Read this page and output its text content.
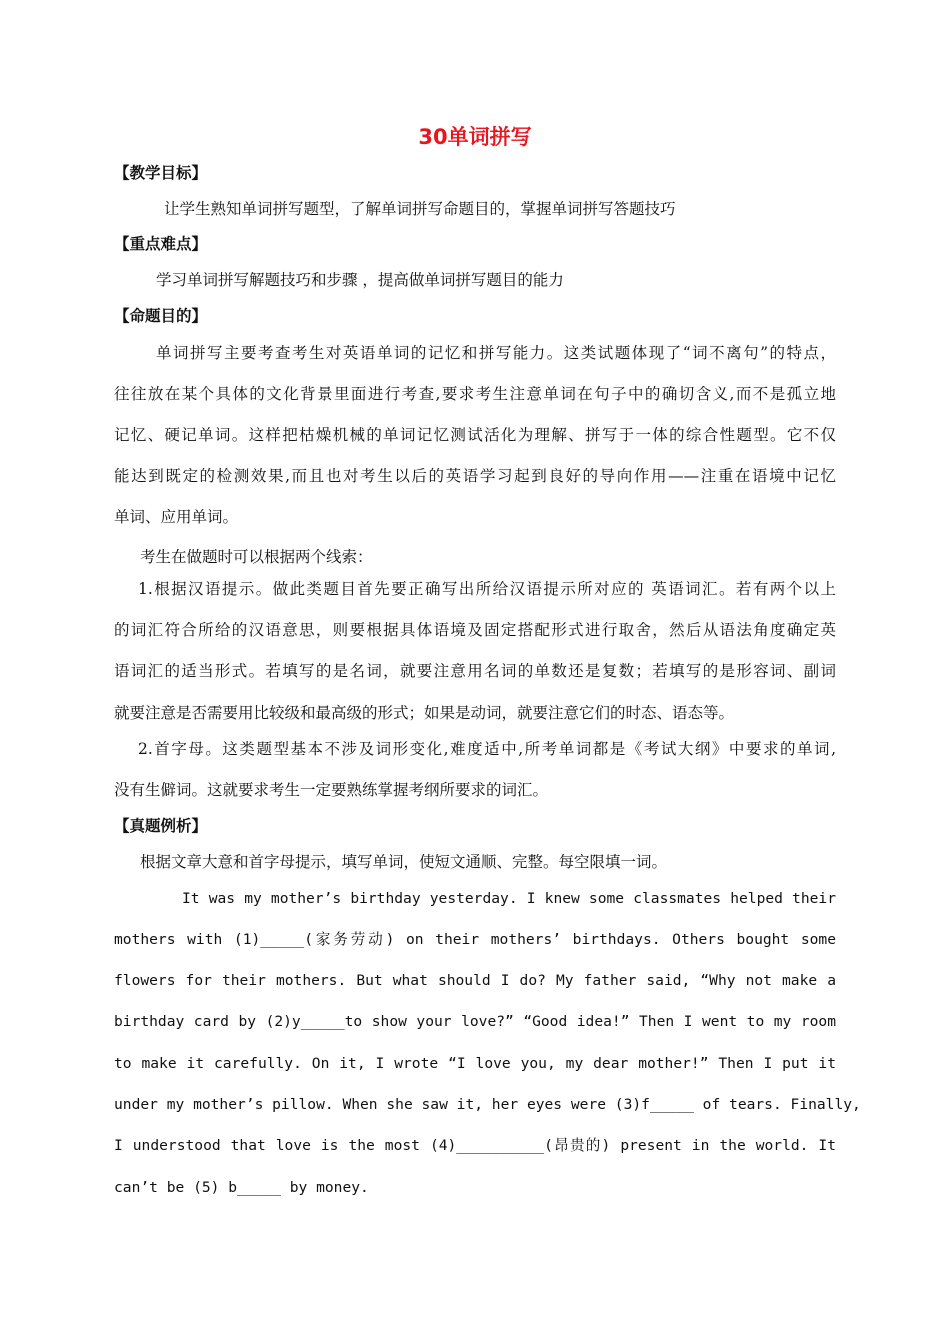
30单词拼写
【教学目标】
让学生熟知单词拼写题型，了解单词拼写命题目的，掌握单词拼写答题技巧
【重点难点】
学习单词拼写解题技巧和步骤 ，提高做单词拼写题目的能力
【命题目的】
单词拼写主要考查考生对英语单词的记忆和拼写能力。这类试题体现了“词不离句”的特点，
往往放在某个具体的文化背景里面进行考查,要求考生注意单词在句子中的确切含义,而不是孤立地
记忆、硬记单词。这样把枯燥机械的单词记忆测试活化为理解、拼写于一体的综合性题型。它不仅
能达到既定的检测效果,而且也对考生以后的英语学习起到良好的导向作用——注重在语境中记忆
单词、应用单词。
考生在做题时可以根据两个线索：
1.根据汉语提示。做此类题目首先要正确写出所给汉语提示所对应的 英语词汇。若有两个以上
的词汇符合所给的汉语意思，则要根据具体语境及固定搭配形式进行取舍，然后从语法角度确定英
语词汇的适当形式。若填写的是名词，就要注意用名词的单数还是复数；若填写的是形容词、副词
就要注意是否需要用比较级和最高级的形式；如果是动词，就要注意它们的时态、语态等。
2.首字母。这类题型基本不涉及词形变化,难度适中,所考单词都是《考试大纲》中要求的单词,
没有生僻词。这就要求考生一定要熟练掌握考纲所要求的词汇。
【真题例析】
根据文章大意和首字母提示，填写单词，使短文通顺、完整。每空限填一词。
It was my mother’s birthday yesterday. I knew some classmates helped their
mothers with (1)_____(家务劳动) on their mothers’ birthdays. Others bought some
flowers for their mothers. But what should I do? My father said, “Why not make a
birthday card by (2)y_____to show your love?” “Good idea!” Then I went to my room
to make it carefully. On it, I wrote “I love you, my dear mother!” Then I put it
under my mother’s pillow. When she saw it, her eyes were (3)f_____ of tears. Finally,
I understood that love is the most (4)__________(昂贵的) present in the world. It
can’t be (5) b_____ by money.
